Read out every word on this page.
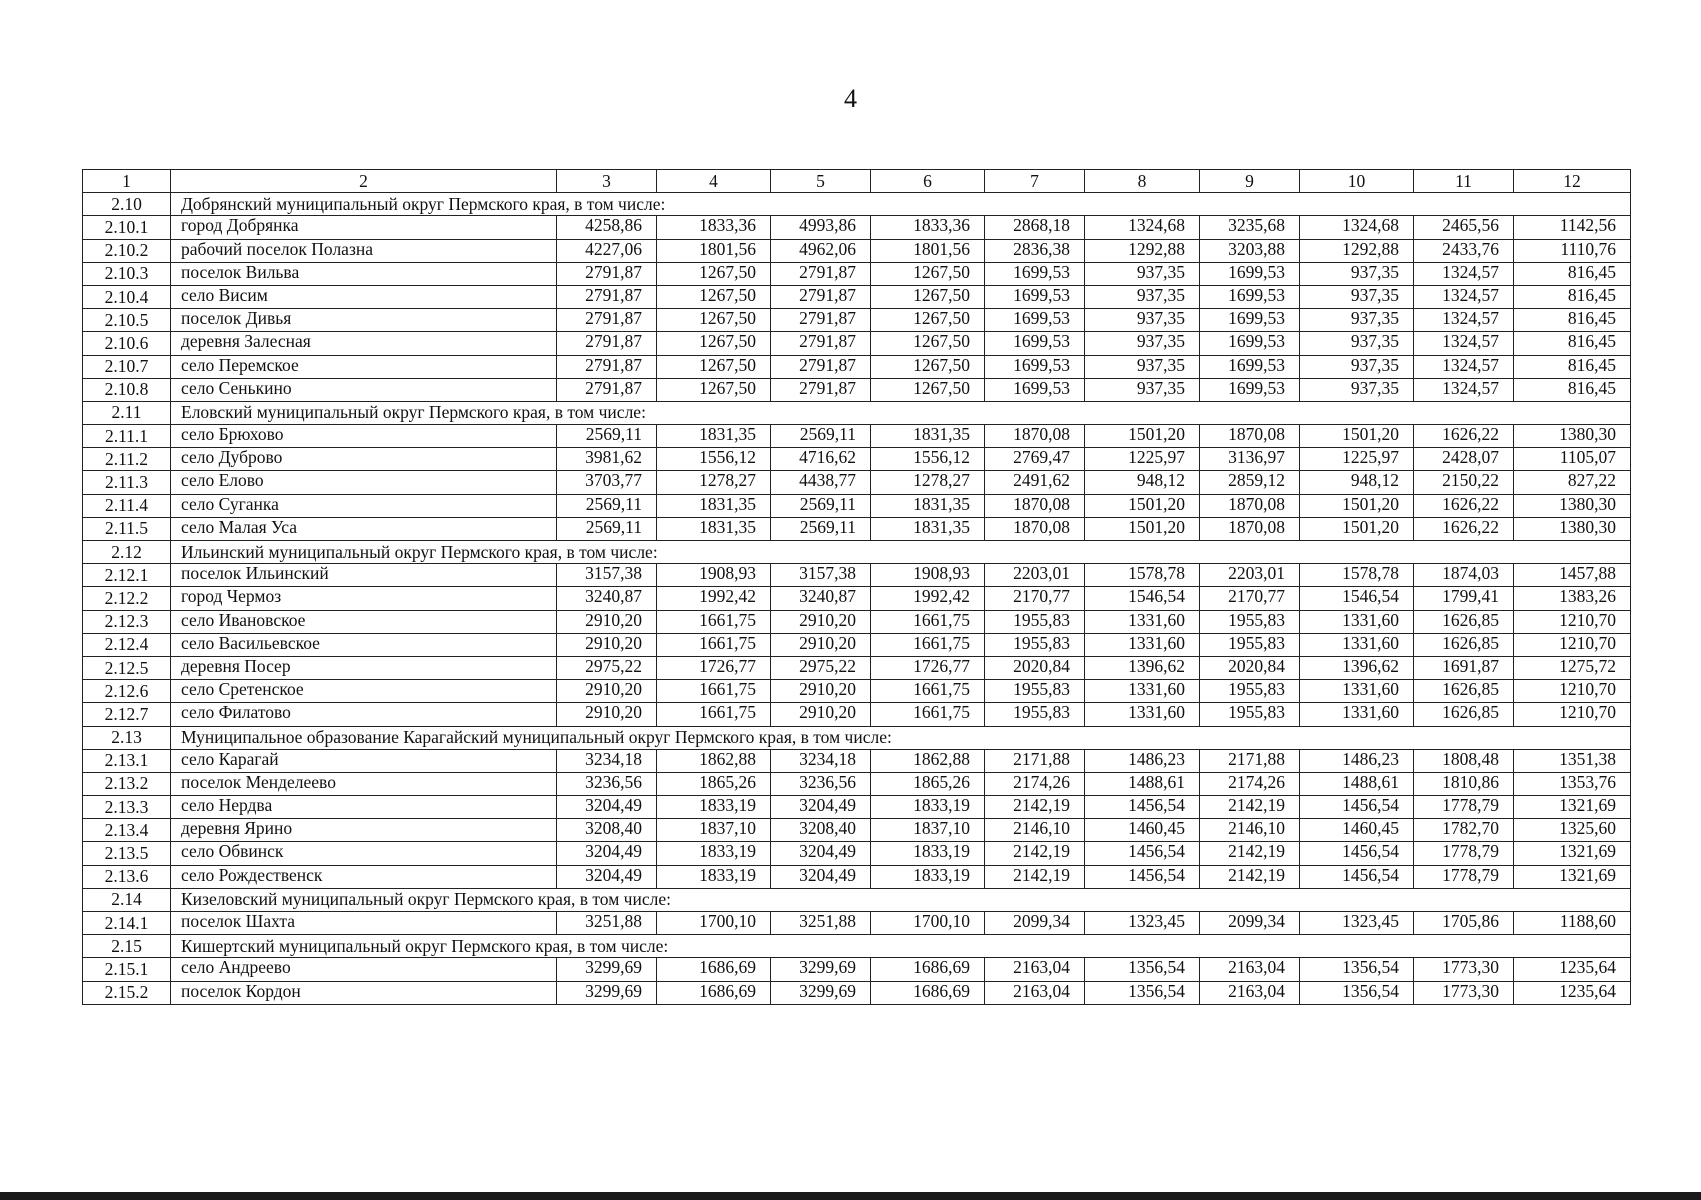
4
1	2	3	4	5	6	7	8	9	10	11	12
2.10	Добрянский муниципальный округ Пермского края, в том числе:										
2.10.1	город Добрянка	4258,86	1833,36	4993,86	1833,36	2868,18	1324,68	3235,68	1324,68	2465,56	1142,56
2.10.2	рабочий поселок Полазна	4227,06	1801,56	4962,06	1801,56	2836,38	1292,88	3203,88	1292,88	2433,76	1110,76
2.10.3	поселок Вильва	2791,87	1267,50	2791,87	1267,50	1699,53	937,35	1699,53	937,35	1324,57	816,45
2.10.4	село Висим	2791,87	1267,50	2791,87	1267,50	1699,53	937,35	1699,53	937,35	1324,57	816,45
2.10.5	поселок Дивья	2791,87	1267,50	2791,87	1267,50	1699,53	937,35	1699,53	937,35	1324,57	816,45
2.10.6	деревня Залесная	2791,87	1267,50	2791,87	1267,50	1699,53	937,35	1699,53	937,35	1324,57	816,45
2.10.7	село Перемское	2791,87	1267,50	2791,87	1267,50	1699,53	937,35	1699,53	937,35	1324,57	816,45
2.10.8	село Сенькино	2791,87	1267,50	2791,87	1267,50	1699,53	937,35	1699,53	937,35	1324,57	816,45
2.11	Еловский муниципальный округ Пермского края, в том числе:										
2.11.1	село Брюхово	2569,11	1831,35	2569,11	1831,35	1870,08	1501,20	1870,08	1501,20	1626,22	1380,30
2.11.2	село Дуброво	3981,62	1556,12	4716,62	1556,12	2769,47	1225,97	3136,97	1225,97	2428,07	1105,07
2.11.3	село Елово	3703,77	1278,27	4438,77	1278,27	2491,62	948,12	2859,12	948,12	2150,22	827,22
2.11.4	село Суганка	2569,11	1831,35	2569,11	1831,35	1870,08	1501,20	1870,08	1501,20	1626,22	1380,30
2.11.5	село Малая Уса	2569,11	1831,35	2569,11	1831,35	1870,08	1501,20	1870,08	1501,20	1626,22	1380,30
2.12	Ильинский муниципальный округ Пермского края, в том числе:										
2.12.1	поселок Ильинский	3157,38	1908,93	3157,38	1908,93	2203,01	1578,78	2203,01	1578,78	1874,03	1457,88
2.12.2	город Чермоз	3240,87	1992,42	3240,87	1992,42	2170,77	1546,54	2170,77	1546,54	1799,41	1383,26
2.12.3	село Ивановское	2910,20	1661,75	2910,20	1661,75	1955,83	1331,60	1955,83	1331,60	1626,85	1210,70
2.12.4	село Васильевское	2910,20	1661,75	2910,20	1661,75	1955,83	1331,60	1955,83	1331,60	1626,85	1210,70
2.12.5	деревня Посер	2975,22	1726,77	2975,22	1726,77	2020,84	1396,62	2020,84	1396,62	1691,87	1275,72
2.12.6	село Сретенское	2910,20	1661,75	2910,20	1661,75	1955,83	1331,60	1955,83	1331,60	1626,85	1210,70
2.12.7	село Филатово	2910,20	1661,75	2910,20	1661,75	1955,83	1331,60	1955,83	1331,60	1626,85	1210,70
2.13	Муниципальное образование Карагайский муниципальный округ Пермского края, в том числе:										
2.13.1	село Карагай	3234,18	1862,88	3234,18	1862,88	2171,88	1486,23	2171,88	1486,23	1808,48	1351,38
2.13.2	поселок Менделеево	3236,56	1865,26	3236,56	1865,26	2174,26	1488,61	2174,26	1488,61	1810,86	1353,76
2.13.3	село Нердва	3204,49	1833,19	3204,49	1833,19	2142,19	1456,54	2142,19	1456,54	1778,79	1321,69
2.13.4	деревня Ярино	3208,40	1837,10	3208,40	1837,10	2146,10	1460,45	2146,10	1460,45	1782,70	1325,60
2.13.5	село Обвинск	3204,49	1833,19	3204,49	1833,19	2142,19	1456,54	2142,19	1456,54	1778,79	1321,69
2.13.6	село Рождественск	3204,49	1833,19	3204,49	1833,19	2142,19	1456,54	2142,19	1456,54	1778,79	1321,69
2.14	Кизеловский муниципальный округ Пермского края, в том числе:										
2.14.1	поселок Шахта	3251,88	1700,10	3251,88	1700,10	2099,34	1323,45	2099,34	1323,45	1705,86	1188,60
2.15	Кишертский муниципальный округ Пермского края, в том числе:										
2.15.1	село Андреево	3299,69	1686,69	3299,69	1686,69	2163,04	1356,54	2163,04	1356,54	1773,30	1235,64
2.15.2	поселок Кордон	3299,69	1686,69	3299,69	1686,69	2163,04	1356,54	2163,04	1356,54	1773,30	1235,64
